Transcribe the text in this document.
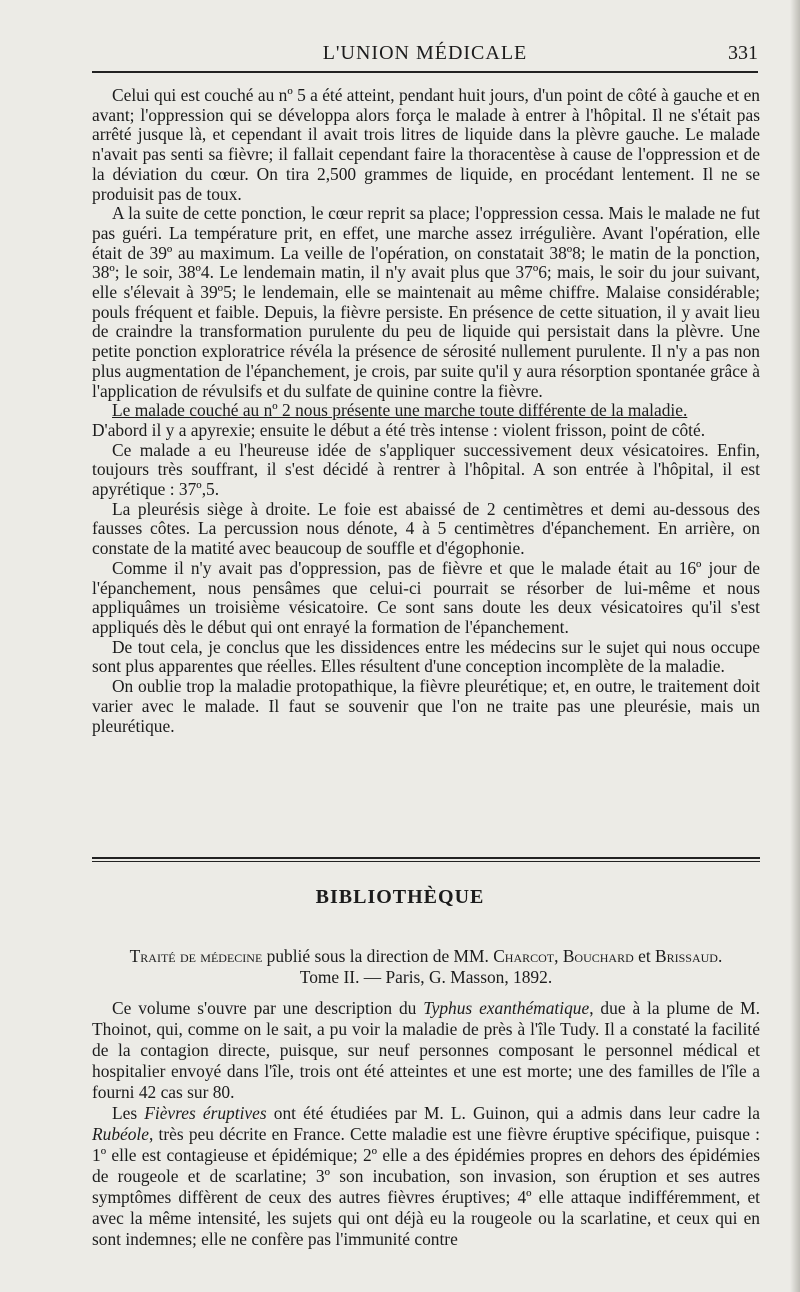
L'UNION MÉDICALE	331

Celui qui est couché au nº 5 a été atteint, pendant huit jours, d'un point de côté à gauche et en avant; l'oppression qui se développa alors força le malade à entrer à l'hôpital. Il ne s'était pas arrêté jusque là, et cependant il avait trois litres de liquide dans la plèvre gauche. Le malade n'avait pas senti sa fièvre; il fallait cependant faire la thoracentèse à cause de l'oppression et de la déviation du cœur. On tira 2,500 grammes de liquide, en procédant lentement. Il ne se produisit pas de toux.

A la suite de cette ponction, le cœur reprit sa place; l'oppression cessa. Mais le malade ne fut pas guéri. La température prit, en effet, une marche assez irrégulière. Avant l'opération, elle était de 39º au maximum. La veille de l'opération, on constatait 38º8; le matin de la ponction, 38º; le soir, 38º4. Le lendemain matin, il n'y avait plus que 37º6; mais, le soir du jour suivant, elle s'élevait à 39º5; le lendemain, elle se maintenait au même chiffre. Malaise considérable; pouls fréquent et faible. Depuis, la fièvre persiste. En présence de cette situation, il y avait lieu de craindre la transformation purulente du peu de liquide qui persistait dans la plèvre. Une petite ponction exploratrice révéla la présence de sérosité nullement purulente. Il n'y a pas non plus augmentation de l'épanchement, je crois, par suite qu'il y aura résorption spontanée grâce à l'application de révulsifs et du sulfate de quinine contre la fièvre.

Le malade couché au nº 2 nous présente une marche toute différente de la maladie.

D'abord il y a apyrexie; ensuite le début a été très intense : violent frisson, point de côté.

Ce malade a eu l'heureuse idée de s'appliquer successivement deux vésicatoires. Enfin, toujours très souffrant, il s'est décidé à rentrer à l'hôpital. A son entrée à l'hôpital, il est apyrétique : 37º,5.

La pleurésis siège à droite. Le foie est abaissé de 2 centimètres et demi au-dessous des fausses côtes. La percussion nous dénote, 4 à 5 centimètres d'épanchement. En arrière, on constate de la matité avec beaucoup de souffle et d'égophonie.

Comme il n'y avait pas d'oppression, pas de fièvre et que le malade était au 16º jour de l'épanchement, nous pensâmes que celui-ci pourrait se résorber de lui-même et nous appliquâmes un troisième vésicatoire. Ce sont sans doute les deux vésicatoires qu'il s'est appliqués dès le début qui ont enrayé la formation de l'épanchement.

De tout cela, je conclus que les dissidences entre les médecins sur le sujet qui nous occupe sont plus apparentes que réelles. Elles résultent d'une conception incomplète de la maladie.

On oublie trop la maladie protopathique, la fièvre pleurétique; et, en outre, le traitement doit varier avec le malade. Il faut se souvenir que l'on ne traite pas une pleurésie, mais un pleurétique.

BIBLIOTHÈQUE

Traité de médecine publié sous la direction de MM. Charcot, Bouchard et Brissaud.

Tome II. — Paris, G. Masson, 1892.

Ce volume s'ouvre par une description du Typhus exanthématique, due à la plume de M. Thoinot, qui, comme on le sait, a pu voir la maladie de près à l'île Tudy. Il a constaté la facilité de la contagion directe, puisque, sur neuf personnes composant le personnel médical et hospitalier envoyé dans l'île, trois ont été atteintes et une est morte; une des familles de l'île a fourni 42 cas sur 80.

Les Fièvres éruptives ont été étudiées par M. L. Guinon, qui a admis dans leur cadre la Rubéole, très peu décrite en France. Cette maladie est une fièvre éruptive spécifique, puisque : 1º elle est contagieuse et épidémique; 2º elle a des épidémies propres en dehors des épidémies de rougeole et de scarlatine; 3º son incubation, son invasion, son éruption et ses autres symptômes diffèrent de ceux des autres fièvres éruptives; 4º elle attaque indifféremment, et avec la même intensité, les sujets qui ont déjà eu la rougeole ou la scarlatine, et ceux qui en sont indemnes; elle ne confère pas l'immunité contre
